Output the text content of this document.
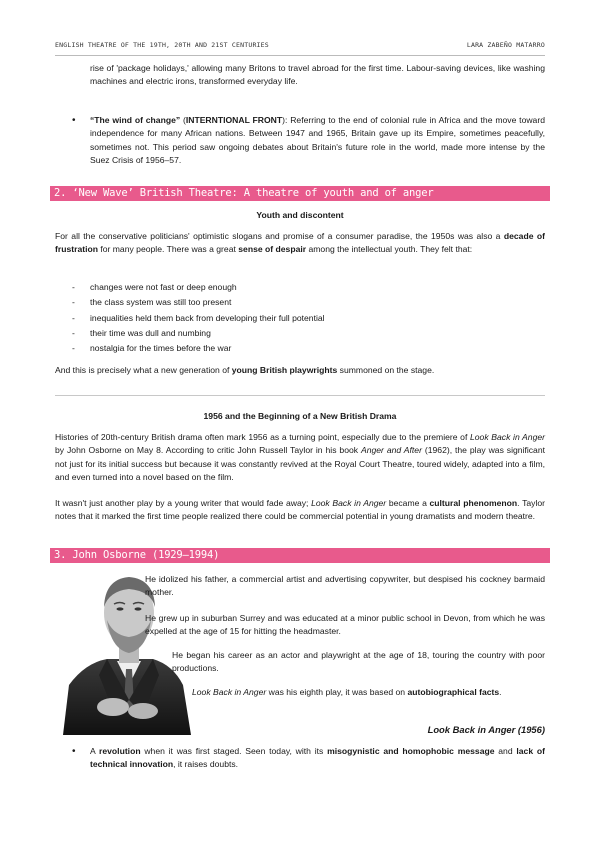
ENGLISH THEATRE OF THE 19TH, 20TH AND 21ST CENTURIES	LARA ZABEÑO MATARRO
rise of 'package holidays,' allowing many Britons to travel abroad for the first time. Labour-saving devices, like washing machines and electric irons, transformed everyday life.
• “The wind of change” (INTERNTIONAL FRONT): Referring to the end of colonial rule in Africa and the move toward independence for many African nations. Between 1947 and 1965, Britain gave up its Empire, sometimes peacefully, sometimes not. This period saw ongoing debates about Britain's future role in the world, made more intense by the Suez Crisis of 1956–57.
2. ‘New Wave’ British Theatre: A theatre of youth and of anger
Youth and discontent
For all the conservative politicians' optimistic slogans and promise of a consumer paradise, the 1950s was also a decade of frustration for many people. There was a great sense of despair among the intellectual youth. They felt that:
- changes were not fast or deep enough
- the class system was still too present
- inequalities held them back from developing their full potential
- their time was dull and numbing
- nostalgia for the times before the war
And this is precisely what a new generation of young British playwrights summoned on the stage.
1956 and the Beginning of a New British Drama
Histories of 20th-century British drama often mark 1956 as a turning point, especially due to the premiere of Look Back in Anger by John Osborne on May 8. According to critic John Russell Taylor in his book Anger and After (1962), the play was significant not just for its initial success but because it was constantly revived at the Royal Court Theatre, toured widely, adapted into a film, and even turned into a novel based on the film.
It wasn't just another play by a young writer that would fade away; Look Back in Anger became a cultural phenomenon. Taylor notes that it marked the first time people realized there could be commercial potential in young dramatists and modern theatre.
3. John Osborne (1929–1994)
He idolized his father, a commercial artist and advertising copywriter, but despised his cockney barmaid mother.
He grew up in suburban Surrey and was educated at a minor public school in Devon, from which he was expelled at the age of 15 for hitting the headmaster.
He began his career as an actor and playwright at the age of 18, touring the country with poor productions.
Look Back in Anger was his eighth play, it was based on autobiographical facts.
Look Back in Anger (1956)
• A revolution when it was first staged. Seen today, with its misogynistic and homophobic message and lack of technical innovation, it raises doubts.
